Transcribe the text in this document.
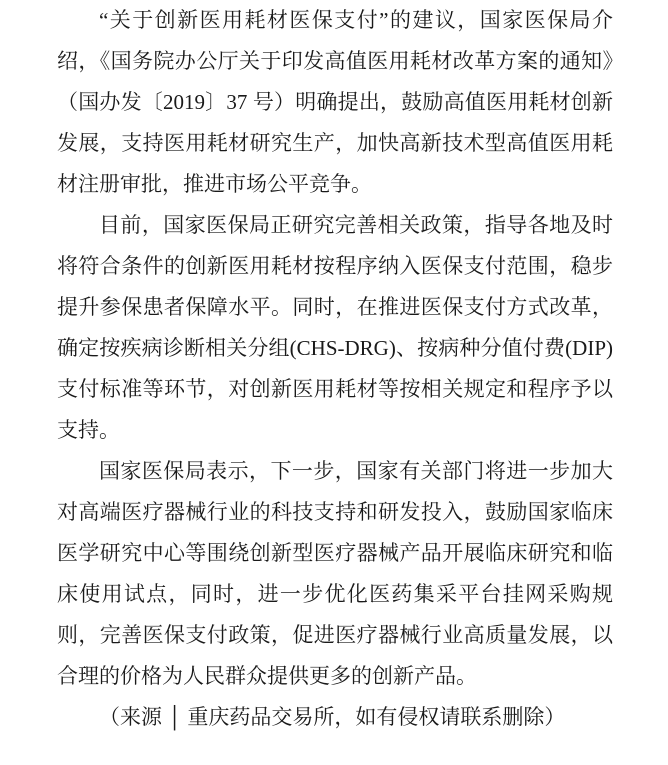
“关于创新医用耗材医保支付”的建议，国家医保局介绍，《国务院办公厅关于印发高值医用耗材改革方案的通知》（国办发〔2019〕37 号）明确提出，鼓励高值医用耗材创新发展，支持医用耗材研究生产，加快高新技术型高值医用耗材注册审批，推进市场公平竞争。

目前，国家医保局正研究完善相关政策，指导各地及时将符合条件的创新医用耗材按程序纳入医保支付范围，稳步提升参保患者保障水平。同时，在推进医保支付方式改革，确定按疾病诊断相关分组(CHS-DRG)、按病种分值付费(DIP)支付标准等环节，对创新医用耗材等按相关规定和程序予以支持。

国家医保局表示，下一步，国家有关部门将进一步加大对高端医疗器械行业的科技支持和研发投入，鼓励国家临床医学研究中心等围绕创新型医疗器械产品开展临床研究和临床使用试点，同时，进一步优化医药集采平台挂网采购规则，完善医保支付政策，促进医疗器械行业高质量发展，以合理的价格为人民群众提供更多的创新产品。

（来源 │ 重庆药品交易所，如有侵权请联系删除）
